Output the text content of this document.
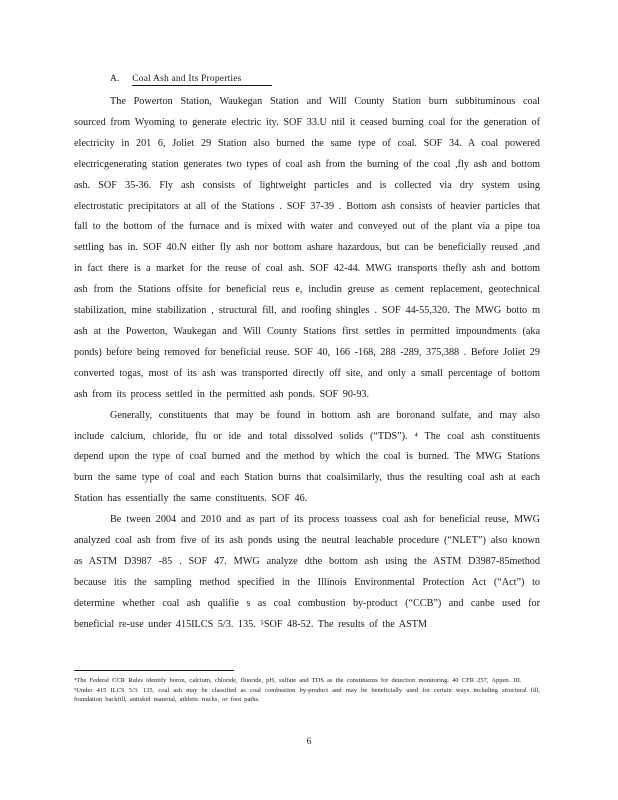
A. Coal Ash and Its Properties

The Powerton Station, Waukegan Station and Will County Station burn subbituminous coal sourced from Wyoming to generate electric ity. SOF 33.U ntil it ceased burning coal for the generation of electricity in 201 6, Joliet 29 Station also burned the same type of coal. SOF 34. A coal powered electricgenerating station generates two types of coal ash from the burning of the coal ,fly ash and bottom ash. SOF 35-36. Fly ash consists of lightweight particles and is collected via dry system using electrostatic precipitators at all of the Stations . SOF 37-39 . Bottom ash consists of heavier particles that fall to the bottom of the furnace and is mixed with water and conveyed out of the plant via a pipe toa settling bas in. SOF 40.N either fly ash nor bottom ashare hazardous, but can be beneficially reused ,and in fact there is a market for the reuse of coal ash. SOF 42-44. MWG transports thefly ash and bottom ash from the Stations offsite for beneficial reus e, includin greuse as cement replacement, geotechnical stabilization, mine stabilization , structural fill, and roofing shingles . SOF 44-55,320. The MWG botto m ash at the Powerton, Waukegan and Will County Stations first settles in permitted impoundments (aka ponds) before being removed for beneficial reuse. SOF 40, 166 -168, 288 -289, 375,388 . Before Joliet 29 converted togas, most of its ash was transported directly off site, and only a small percentage of bottom ash from its process settled in the permitted ash ponds. SOF 90-93.

Generally, constituents that may be found in bottom ash are boronand sulfate, and may also include calcium, chloride, flu or ide and total dissolved solids (“TDS”). ⁴ The coal ash constituents depend upon the type of coal burned and the method by which the coal is burned. The MWG Stations burn the same type of coal and each Station burns that coalsimilarly, thus the resulting coal ash at each Station has essentially the same constituents. SOF 46.

Be tween 2004 and 2010 and as part of its process toassess coal ash for beneficial reuse, MWG analyzed coal ash from five of its ash ponds using the neutral leachable procedure (“NLET”) also known as ASTM D3987 -85 . SOF 47. MWG analyze dthe bottom ash using the ASTM D3987-85method because itis the sampling method specified in the Illinois Environmental Protection Act (“Act”) to determine whether coal ash qualifie s as coal combustion by-product (“CCB”) and canbe used for beneficial re-use under 415ILCS 5/3. 135. ⁵SOF 48-52. The results of the ASTM

⁴The Federal CCR Rules identify boron, calcium, chloride, fluoride, pH, sulfate and TDS as the constituents for detection monitoring. 40 CFR 257, Appen. III.

⁵Under 415 ILCS 5/3. 135, coal ash may be classified as coal combustion by-product and may be beneficially used for certain ways including structural fill, foundation backfill, antiskid material, athletic tracks, or foot paths.

6
